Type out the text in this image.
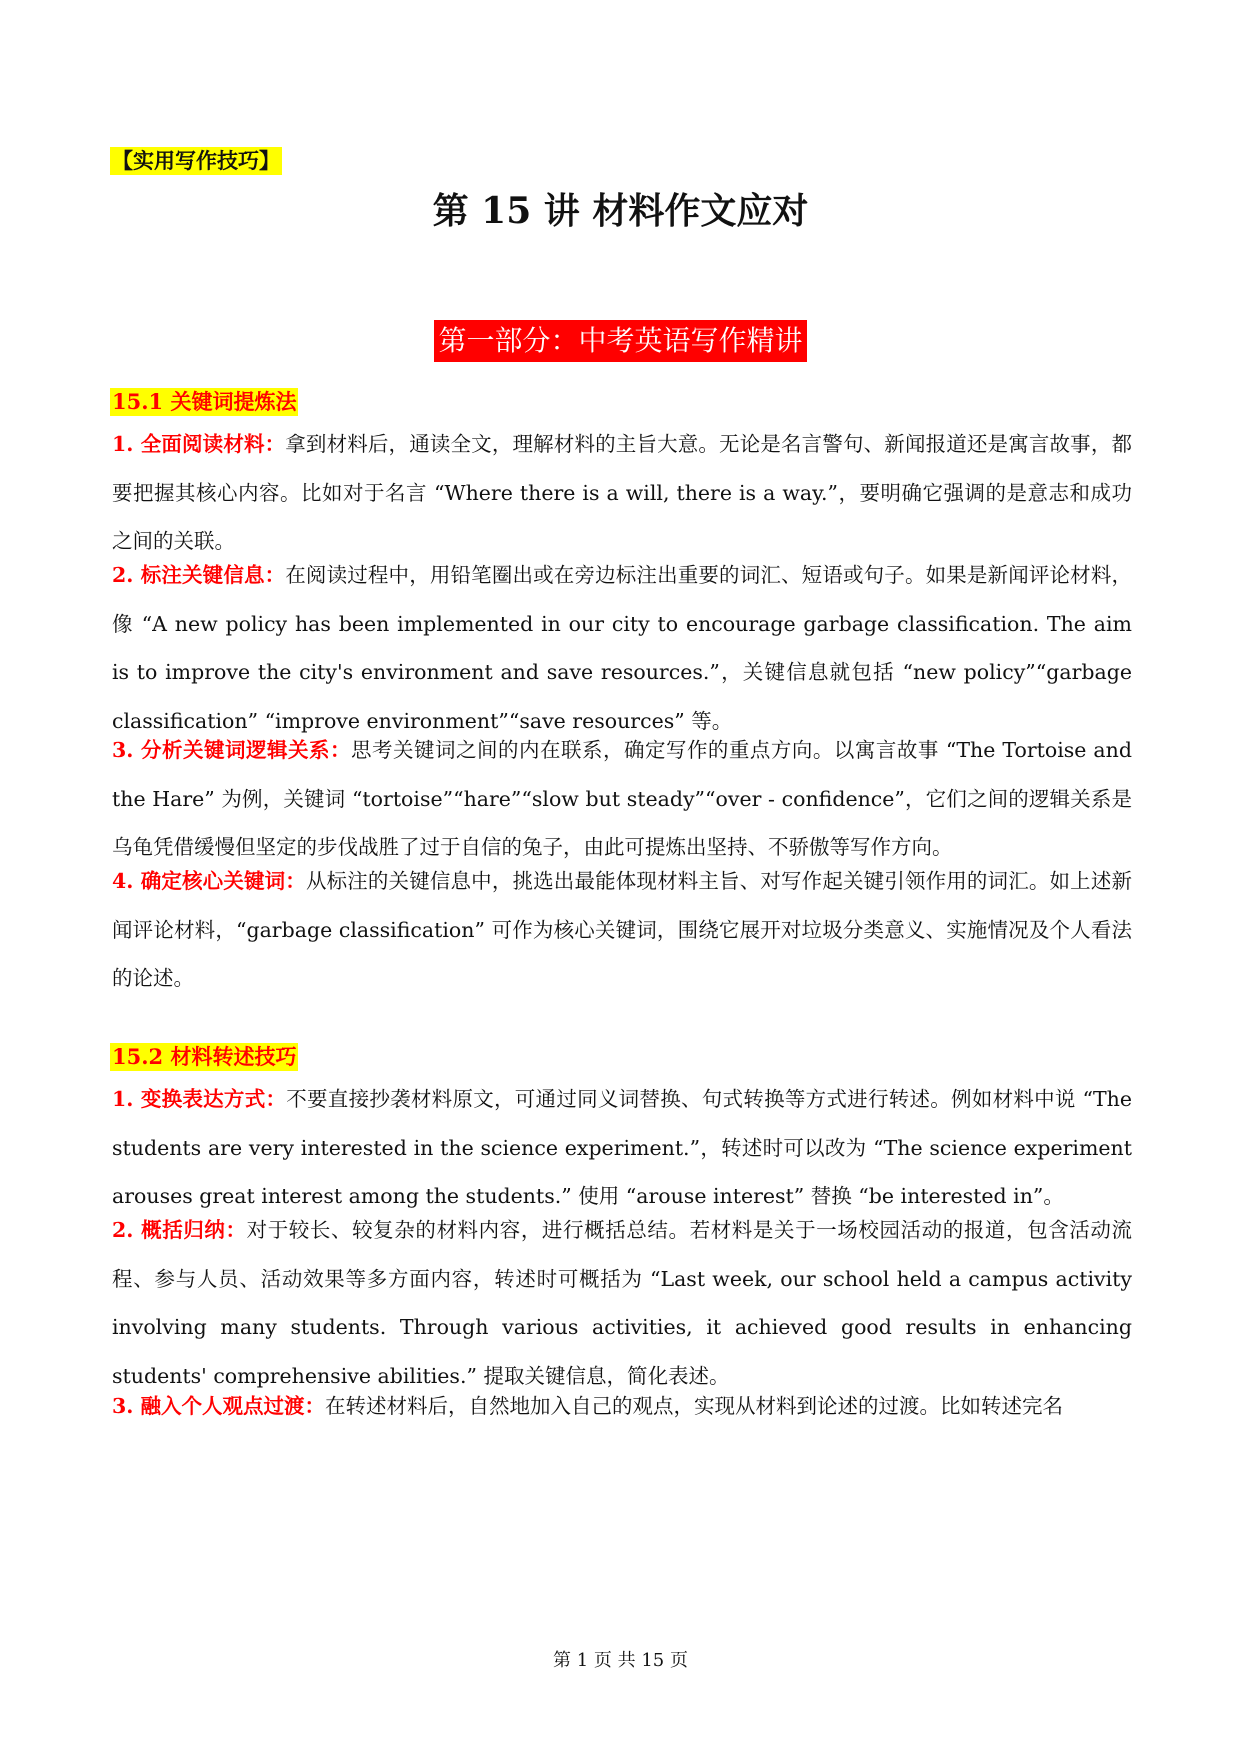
【实用写作技巧】
第 15 讲 材料作文应对
第一部分：中考英语写作精讲
15.1 关键词提炼法
1. 全面阅读材料：拿到材料后，通读全文，理解材料的主旨大意。无论是名言警句、新闻报道还是寓言故事，都要把握其核心内容。比如对于名言 “Where there is a will, there is a way.”，要明确它强调的是意志和成功之间的关联。
2. 标注关键信息：在阅读过程中，用铅笔圈出或在旁边标注出重要的词汇、短语或句子。如果是新闻评论材料，像 “A new policy has been implemented in our city to encourage garbage classification. The aim is to improve the city's environment and save resources.”，关键信息就包括 “new policy”“garbage classification” “improve environment”“save resources” 等。
3. 分析关键词逻辑关系：思考关键词之间的内在联系，确定写作的重点方向。以寓言故事 “The Tortoise and the Hare” 为例，关键词 “tortoise”“hare”“slow but steady”“over - confidence”，它们之间的逻辑关系是乌龟凭借缓慢但坚定的步伐战胜了过于自信的兔子，由此可提炼出坚持、不骄傲等写作方向。
4. 确定核心关键词：从标注的关键信息中，挑选出最能体现材料主旨、对写作起关键引领作用的词汇。如上述新闻评论材料，“garbage classification” 可作为核心关键词，围绕它展开对垃圾分类意义、实施情况及个人看法的论述。
15.2 材料转述技巧
1. 变换表达方式：不要直接抄袭材料原文，可通过同义词替换、句式转换等方式进行转述。例如材料中说 “The students are very interested in the science experiment.”，转述时可以改为 “The science experiment arouses great interest among the students.” 使用 “arouse interest” 替换 “be interested in”。
2. 概括归纳：对于较长、较复杂的材料内容，进行概括总结。若材料是关于一场校园活动的报道，包含活动流程、参与人员、活动效果等多方面内容，转述时可概括为 “Last week, our school held a campus activity involving many students. Through various activities, it achieved good results in enhancing students' comprehensive abilities.” 提取关键信息，简化表述。
3. 融入个人观点过渡：在转述材料后，自然地加入自己的观点，实现从材料到论述的过渡。比如转述完名
第 1 页 共 15 页
